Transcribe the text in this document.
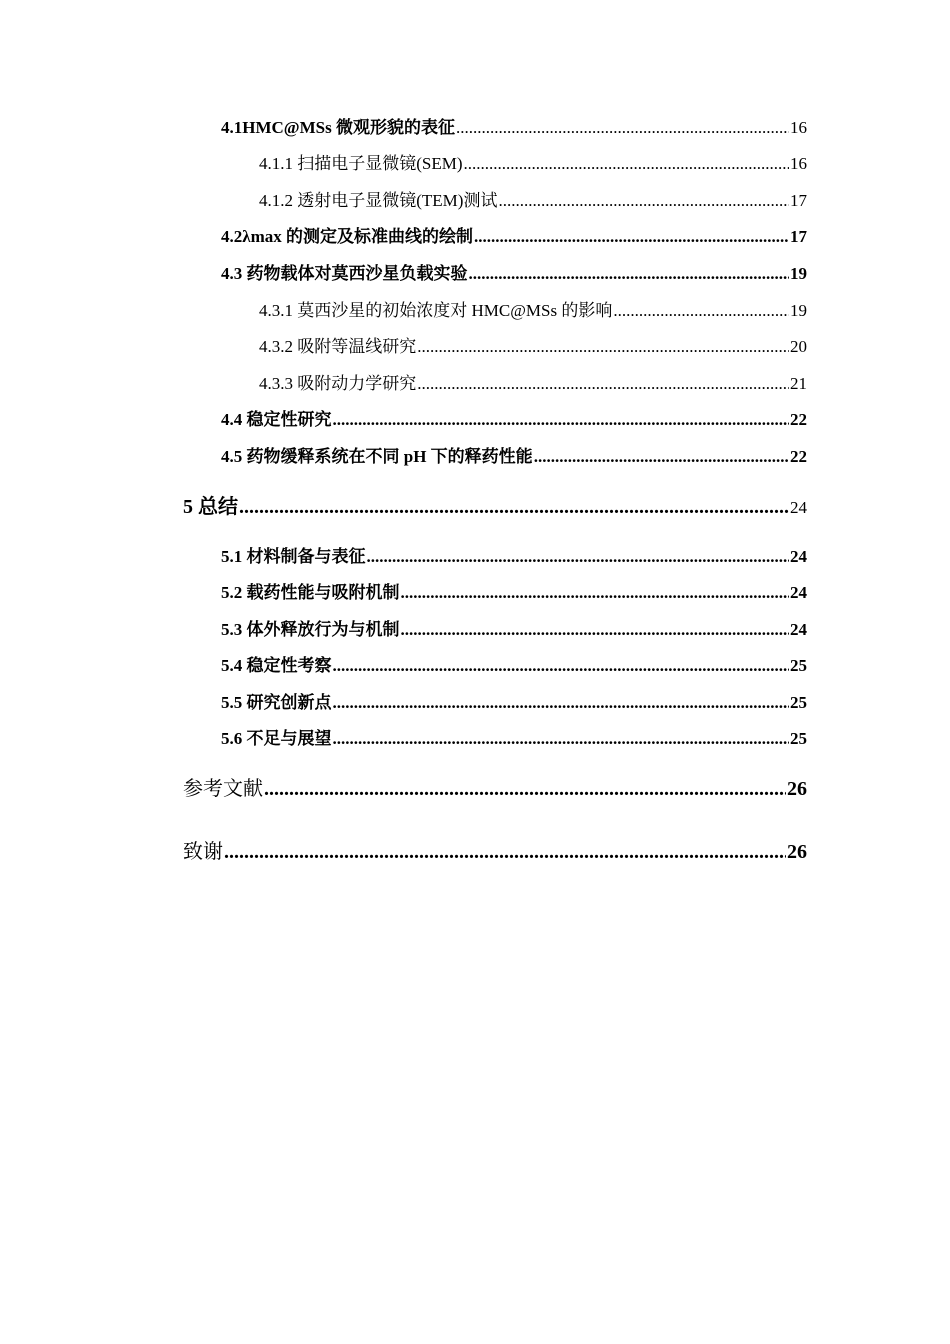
4.1HMC@MSs 微观形貌的表征 .....	16
4.1.1 扫描电子显微镜(SEM) .....	16
4.1.2 透射电子显微镜(TEM)测试 .....	17
4.2λmax 的测定及标准曲线的绘制 .....	17
4.3 药物载体对莫西沙星负载实验 .....	19
4.3.1 莫西沙星的初始浓度对 HMC@MSs 的影响 .....	19
4.3.2 吸附等温线研究 .....	20
4.3.3 吸附动力学研究 .....	21
4.4 稳定性研究 .....	22
4.5 药物缓释系统在不同 pH 下的释药性能 .....	22
5 总结 .....	24
5.1 材料制备与表征 .....	24
5.2 载药性能与吸附机制 .....	24
5.3 体外释放行为与机制 .....	24
5.4 稳定性考察 .....	25
5.5 研究创新点 .....	25
5.6 不足与展望 .....	25
参考文献 .....	26
致谢 .....	26
